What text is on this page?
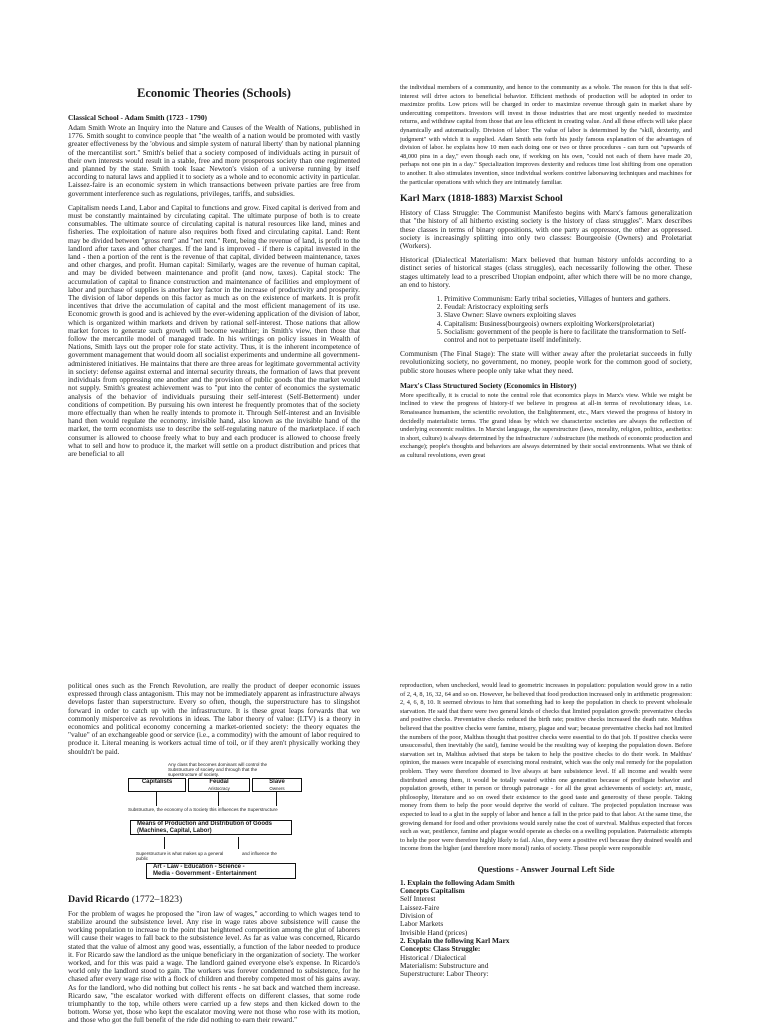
Economic Theories (Schools)
Classical School - Adam Smith (1723 - 1790)

Adam Smith Wrote an Inquiry into the Nature and Causes of the Wealth of Nations, published in 1776. Smith sought to convince people that "the wealth of a nation would be promoted with vastly greater effectiveness by the 'obvious and simple system of natural liberty' than by national planning of the mercantilist sort." Smith's belief that a society composed of individuals acting in pursuit of their own interests would result in a stable, free and more prosperous society than one regimented and planned by the state. Smith took Isaac Newton's vision of a universe running by itself according to natural laws and applied it to society as a whole and to economic activity in particular. Laissez-faire is an economic system in which transactions between private parties are free from government interference such as regulations, privileges, tariffs, and subsidies.

Capitalism needs Land, Labor and Capital to functions and grow. Fixed capital is derived from and must be constantly maintained by circulating capital. The ultimate purpose of both is to create consumables. The ultimate source of circulating capital is natural resources like land, mines and fisheries. The exploitation of nature also requires both fixed and circulating capital. Land: Rent may be divided between "gross rent" and "net rent." Rent, being the revenue of land, is profit to the landlord after taxes and other charges. If the land is improved - if there is capital invested in the land - then a portion of the rent is the revenue of that capital, divided between maintenance, taxes and other charges, and profit. Human capital: Similarly, wages are the revenue of human capital, and may be divided between maintenance and profit (and now, taxes). Capital stock: The accumulation of capital to finance construction and maintenance of facilities and employment of labor and purchase of supplies is another key factor in the increase of productivity and prosperity. The division of labor depends on this factor as much as on the existence of markets. It is profit incentives that drive the accumulation of capital and the most efficient management of its use. Economic growth is good and is achieved by the ever-widening application of the division of labor, which is organized within markets and driven by rational self-interest. Those nations that allow market forces to generate such growth will become wealthier; in Smith's view, then those that follow the mercantile model of managed trade. In his writings on policy issues in Wealth of Nations, Smith lays out the proper role for state activity. Thus, it is the inherent incompetence of government management that would doom all socialist experiments and undermine all government-administered initiatives. He maintains that there are three areas for legitimate governmental activity in society: defense against external and internal security threats, the formation of laws that prevent individuals from oppressing one another and the provision of public goods that the market would not supply. Smith's greatest achievement was to "put into the center of economics the systematic analysis of the behavior of individuals pursuing their self-interest (Self-Betterment) under conditions of competition. By pursuing his own interest he frequently promotes that of the society more effectually than when he really intends to promote it. Through Self-interest and an Invisible hand then would regulate the economy. invisible hand, also known as the invisible hand of the market, the term economists use to describe the self-regulating nature of the marketplace. if each consumer is allowed to choose freely what to buy and each producer is allowed to choose freely what to sell and how to produce it, the market will settle on a product distribution and prices that are beneficial to all

the individual members of a community, and hence to the community as a whole. The reason for this is that self-interest will drive actors to beneficial behavior. Efficient methods of production will be adopted in order to maximize profits. Low prices will be charged in order to maximize revenue through gain in market share by undercutting competitors. Investors will invest in those industries that are most urgently needed to maximize returns, and withdraw capital from those that are less efficient in creating value. And all these effects will take place dynamically and automatically. Division of labor: The value of labor is determined by the "skill, dexterity, and judgment" with which it is supplied. Adam Smith sets forth his justly famous explanation of the advantages of division of labor. he explains how 10 men each doing one or two or three procedures - can turn out "upwards of 48,000 pins in a day," even though each one, if working on his own, "could not each of them have made 20, perhaps not one pin in a day." Specialization improves dexterity and reduces time lost shifting from one operation to another. It also stimulates invention, since individual workers contrive laborsaving techniques and machines for the particular operations with which they are intimately familiar.

Karl Marx (1818-1883) Marxist School

History of Class Struggle: The Communist Manifesto begins with Marx's famous generalization that "the history of all hitherto existing society is the history of class struggles". Marx describes these classes in terms of binary oppositions, with one party as oppressor, the other as oppressed. society is increasingly splitting into only two classes: Bourgeoisie (Owners) and Proletariat (Workers).

Historical (Dialectical Materialism: Marx believed that human history unfolds according to a distinct series of historical stages (class struggles), each necessarily following the other. These stages ultimately lead to a prescribed Utopian endpoint, after which there will be no more change, an end to history.

1. Primitive Communism: Early tribal societies, Villages of hunters and gathers.
2. Feudal: Aristocracy exploiting serfs
3. Slave Owner: Slave owners exploiting slaves
4. Capitalism: Business(bourgeois) owners exploiting Workers(proletariat)
5. Socialism: government of the people is here to facilitate the transformation to Self-control and not to perpetuate itself indefinitely.

Communism (The Final Stage): The state will wither away after the proletariat succeeds in fully revolutionizing society, no government, no money, people work for the common good of society, public store houses where people only take what they need.

Marx's Class Structured Society (Economics in History)

More specifically, it is crucial to note the central role that economics plays in Marx's view. While we might be inclined to view the progress of history-if we believe in progress at all-in terms of revolutionary ideas, i.e. Renaissance humanism, the scientific revolution, the Enlightenment, etc., Marx viewed the progress of history in decidedly materialistic terms. The grand ideas by which we characterize societies are always the reflection of underlying economic realities. In Marxist language, the superstructure (laws, morality, religion, politics, aesthetics: in short, culture) is always determined by the infrastructure / substructure (the methods of economic production and exchange); people's thoughts and behaviors are always determined by their social environments. What we think of as cultural revolutions, even great

political ones such as the French Revolution, are really the product of deeper economic issues expressed through class antagonism. This may not be immediately apparent as infrastructure always develops faster than superstructure. Every so often, though, the superstructure has to slingshot forward in order to catch up with the infrastructure. It is these great leaps forwards that we commonly misperceive as revolutions in ideas. The labor theory of value: (LTV) is a theory in economics and political economy concerning a market-oriented society: the theory equates the "value" of an exchangeable good or service (i.e., a commodity) with the amount of labor required to produce it. Literal meaning is workers actual time of toil, or if they aren't physically working they shouldn't be paid.

Any class that becomes dominant will control the Substructure of society and through that the superstructure of society.
Capitalists	Feudal
Aristocracy
Slave
Owners
Substructure, the economy of a Society this influences the Superstructure
Means of Production and Distribution of Goods (Machines, Capital, Labor)
Superstructure is what makes up a general public
and influence the
Art - Law - Education - Science -
Media - Government - Entertainment
David Ricardo (1772–1823)

For the problem of wages he proposed the "iron law of wages," according to which wages tend to stabilize around the subsistence level. Any rise in wage rates above subsistence will cause the working population to increase to the point that heightened competition among the glut of laborers will cause their wages to fall back to the subsistence level. As far as value was concerned, Ricardo stated that the value of almost any good was, essentially, a function of the labor needed to produce it. For Ricardo saw the landlord as the unique beneficiary in the organization of society. The worker worked, and for this was paid a wage. The landlord gained everyone else's expense. In Ricardo's world only the landlord stood to gain. The workers was forever condemned to subsistence, for he chased after every wage rise with a flock of children and thereby competed most of his gains away. As for the landlord, who did nothing but collect his rents - he sat back and watched them increase. Ricardo saw, "the escalator worked with different effects on different classes, that some rode triumphantly to the top, while others were carried up a few steps and then kicked down to the bottom. Worse yet, those who kept the escalator moving were not those who rose with its motion, and those who got the full benefit of the ride did nothing to earn their reward."

reproduction, when unchecked, would lead to geometric increases in population: population would grow in a ratio of 2, 4, 8, 16, 32, 64 and so on. However, he believed that food production increased only in arithmetic progression: 2, 4, 6, 8, 10. It seemed obvious to him that something had to keep the population in check to prevent wholesale starvation. He said that there were two general kinds of checks that limited population growth: preventative checks and positive checks. Preventative checks reduced the birth rate; positive checks increased the death rate. Malthus believed that the positive checks were famine, misery, plague and war; because preventative checks had not limited the numbers of the poor, Malthus thought that positive checks were essential to do that job. If positive checks were unsuccessful, then inevitably (he said), famine would be the resulting way of keeping the population down. Before starvation set in, Malthus advised that steps be taken to help the positive checks to do their work. In Malthus' opinion, the masses were incapable of exercising moral restraint, which was the only real remedy for the population problem. They were therefore doomed to live always at bare subsistence level. If all income and wealth were distributed among them, it would be totally wasted within one generation because of profligate behavior and population growth, either in person or through patronage - for all the great achievements of society: art, music, philosophy, literature and so on owed their existence to the good taste and generosity of these people. Taking money from them to help the poor would deprive the world of culture. The projected population increase was expected to lead to a glut in the supply of labor and hence a fall in the price paid to that labor. At the same time, the growing demand for food and other provisions would surely raise the cost of survival. Malthus expected that forces such as war, pestilence, famine and plague would operate as checks on a swelling population. Paternalistic attempts to help the poor were therefore highly likely to fail. Also, they were a positive evil because they drained wealth and income from the higher (and therefore more moral) ranks of society. These people were responsible

Questions - Answer Journal Left Side
1. Explain the following Adam Smith
Concepts Capitalism
Self Interest
Laissez-Faire
Division of
Labor Markets
Invisible Hand (prices)
2. Explain the following Karl Marx
Concepts: Class Struggle:
Historical / Dialectical
Materialism: Substructure and
Superstructure: Labor Theory:
